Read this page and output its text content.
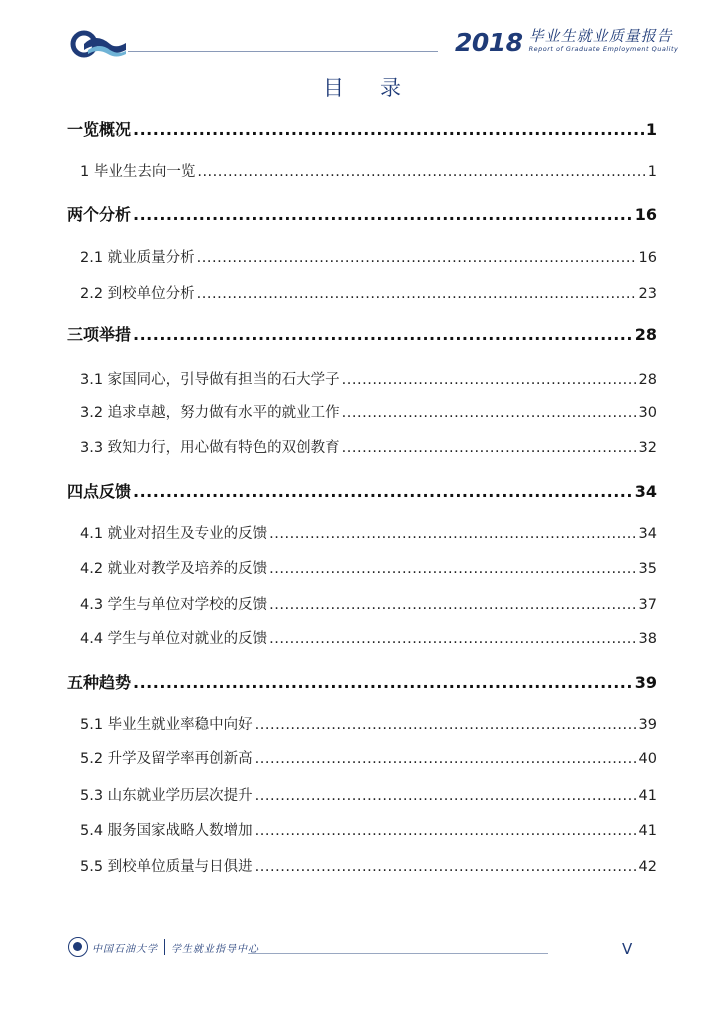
2018 毕业生就业质量报告
Report of Graduate Employment Quality
目录
一览概况 .....	1
1 毕业生去向一览 .....	1
两个分析 .....	16
2.1 就业质量分析 .....	16
2.2 到校单位分析 .....	23
三项举措 .....	28
3.1 家国同心，引导做有担当的石大学子 .....	28
3.2 追求卓越，努力做有水平的就业工作 .....	30
3.3 致知力行，用心做有特色的双创教育 .....	32
四点反馈 .....	34
4.1 就业对招生及专业的反馈 .....	34
4.2 就业对教学及培养的反馈 .....	35
4.3 学生与单位对学校的反馈 .....	37
4.4 学生与单位对就业的反馈 .....	38
五种趋势 .....	39
5.1 毕业生就业率稳中向好 .....	39
5.2 升学及留学率再创新高 .....	40
5.3 山东就业学历层次提升 .....	41
5.4 服务国家战略人数增加 .....	41
5.5 到校单位质量与日俱进 .....	42
中国石油大学 学生就业指导中心	V
